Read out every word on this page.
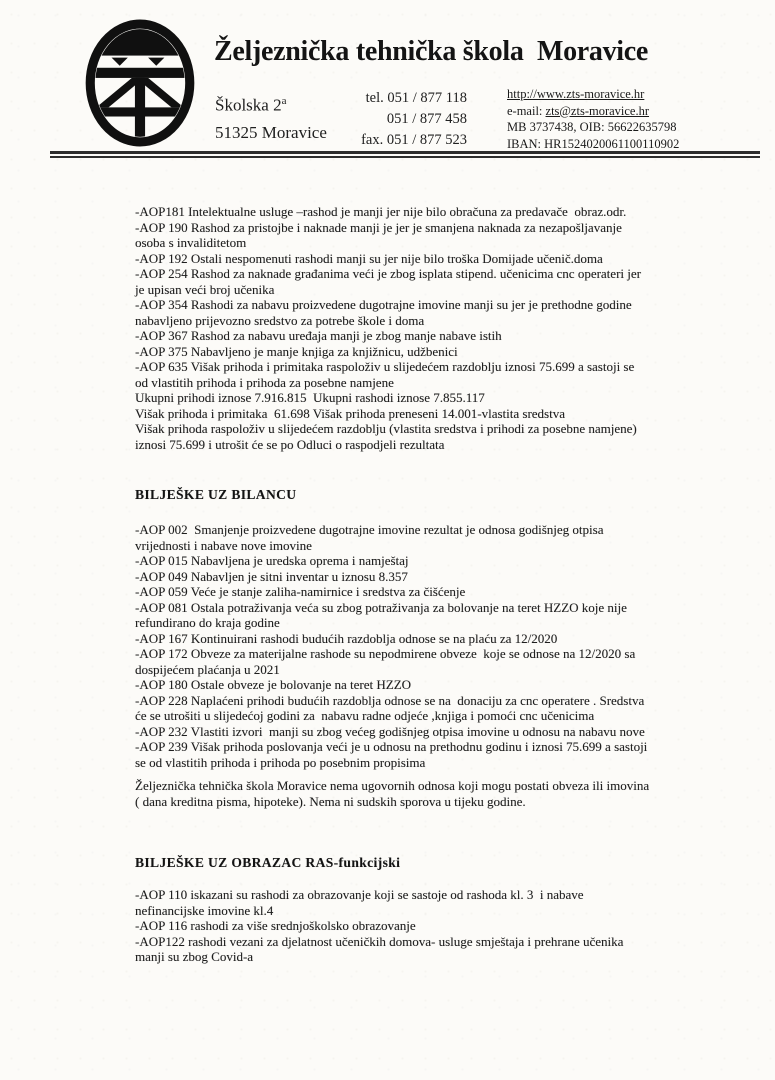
Željeznička tehnička škola  Moravice
Školska 2$^a$
51325 Moravice
tel. 051 / 877 118
051 / 877 458
fax. 051 / 877 523
http://www.zts-moravice.hr
e-mail: zts@zts-moravice.hr
MB 3737438, OIB: 56622635798
IBAN: HR1524020061100110902
-AOP181 Intelektualne usluge –rashod je manji jer nije bilo obračuna za predavače  obraz.odr.
-AOP 190 Rashod za pristojbe i naknade manji je jer je smanjena naknada za nezapošljavanje
osoba s invaliditetom
-AOP 192 Ostali nespomenuti rashodi manji su jer nije bilo troška Domijade učenič.doma
-AOP 254 Rashod za naknade građanima veći je zbog isplata stipend. učenicima cnc operateri jer
je upisan veći broj učenika
-AOP 354 Rashodi za nabavu proizvedene dugotrajne imovine manji su jer je prethodne godine
nabavljeno prijevozno sredstvo za potrebe škole i doma
-AOP 367 Rashod za nabavu uređaja manji je zbog manje nabave istih
-AOP 375 Nabavljeno je manje knjiga za knjižnicu, udžbenici
-AOP 635 Višak prihoda i primitaka raspoloživ u slijedećem razdoblju iznosi 75.699 a sastoji se
od vlastitih prihoda i prihoda za posebne namjene
Ukupni prihodi iznose 7.916.815  Ukupni rashodi iznose 7.855.117
Višak prihoda i primitaka  61.698 Višak prihoda preneseni 14.001-vlastita sredstva
Višak prihoda raspoloživ u slijedećem razdoblju (vlastita sredstva i prihodi za posebne namjene)
iznosi 75.699 i utrošit će se po Odluci o raspodjeli rezultata
BILJEŠKE UZ BILANCU
-AOP 002  Smanjenje proizvedene dugotrajne imovine rezultat je odnosa godišnjeg otpisa
vrijednosti i nabave nove imovine
-AOP 015 Nabavljena je uredska oprema i namještaj
-AOP 049 Nabavljen je sitni inventar u iznosu 8.357
-AOP 059 Veće je stanje zaliha-namirnice i sredstva za čišćenje
-AOP 081 Ostala potraživanja veća su zbog potraživanja za bolovanje na teret HZZO koje nije
refundirano do kraja godine
-AOP 167 Kontinuirani rashodi budućih razdoblja odnose se na plaću za 12/2020
-AOP 172 Obveze za materijalne rashode su nepodmirene obveze  koje se odnose na 12/2020 sa
dospijećem plaćanja u 2021
-AOP 180 Ostale obveze je bolovanje na teret HZZO
-AOP 228 Naplaćeni prihodi budućih razdoblja odnose se na  donaciju za cnc operatere . Sredstva
će se utrošiti u slijedećoj godini za  nabavu radne odjeće ,knjiga i pomoći cnc učenicima
-AOP 232 Vlastiti izvori  manji su zbog većeg godišnjeg otpisa imovine u odnosu na nabavu nove
-AOP 239 Višak prihoda poslovanja veći je u odnosu na prethodnu godinu i iznosi 75.699 a sastoji
se od vlastitih prihoda i prihoda po posebnim propisima
Željeznička tehnička škola Moravice nema ugovornih odnosa koji mogu postati obveza ili imovina
( dana kreditna pisma, hipoteke). Nema ni sudskih sporova u tijeku godine.
BILJEŠKE UZ OBRAZAC RAS-funkcijski
-AOP 110 iskazani su rashodi za obrazovanje koji se sastoje od rashoda kl. 3  i nabave
nefinancijske imovine kl.4
-AOP 116 rashodi za više srednjoškolsko obrazovanje
-AOP122 rashodi vezani za djelatnost učeničkih domova- usluge smještaja i prehrane učenika
manji su zbog Covid-a
